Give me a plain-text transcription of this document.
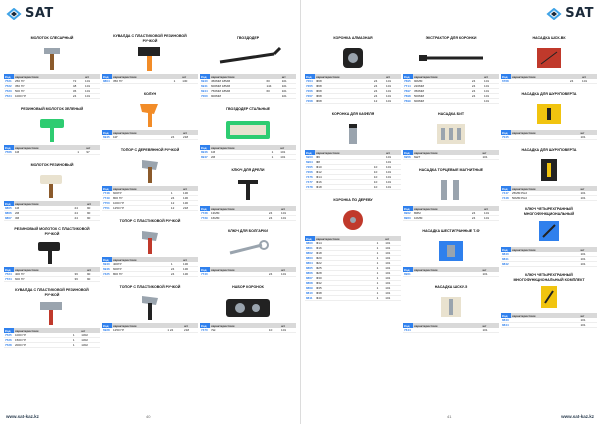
SAT
МОЛОТОК СЛЕСАРНЫЙ
Код	характеристики		шт
7521	250 ГР	72	101
7522	350 ГР	48	101
7523	500 ГР	36	101
7524	1000 ГР	24	101
РЕЗИНОВЫЙ МОЛОТОК ЗЕЛЕНЫЙ
Код	характеристики		шт
7566	1М	1	97
МОЛОТОК РЕЗИНОВЫЙ
Код	характеристики		шт
8805	1М	24	90
8806	2М	24	90
8807	3М	24	90
РЕЗИНОВЫЙ МОЛОТОК С ПЛАСТИКОВОЙ РУЧКОЙ
Код	характеристики		шт
7524	400 ГР	36	90
7724	600 ГР	36	90
КУВАЛДА С ПЛАСТИКОВОЙ РЕЗИНОВОЙ РУЧКОЙ
Код	характеристики		шт
7525	1000 ГР	1	1302
7526	1500 ГР	1	1302
7528	2000 ГР	1	1302
КУВАЛДА С ПЛАСТИКОВОЙ РЕЗИНОВОЙ РУЧКОЙ
Код	характеристики		шт
8804	350 ГР	1	130
КОЛУН
Код	характеристики		шт
6945	1КГ	24	218
ТОПОР С ДЕРЕВЯННОЙ РУЧКОЙ
Код	характеристики		шт
7748	600ГР	1	130
7749	800 ГР	24	130
7750	1000 ГР	12	130
7751	1250 ГР	12	218
ТОПОР С ПЛАСТИКОВОЙ РУЧКОЙ
Код	характеристики		шт
6940	400ГР	1	130
6946	600ГР	24	130
7425	800 ГР	24	130
ТОПОР С ПЛАСТИКОВОЙ РУЧКОЙ
Код	характеристики		шт
6928	1250 ГР	1 24	218
ГВОЗДОДЕР
Код	характеристики		шт
6940	450ММ 18ММ	60	101
6941	600ММ 18ММ	144	101
6944	750ММ 18ММ	60	101
7000	900ММ		101
ГВОЗДОДЕР СТАЛЬНЫЕ
Код	характеристики		шт
8946	1М	1	101
8947	2М	1	101
КЛЮЧ ДЛЯ ДРЕЛИ
Код	характеристики		шт
7738	13ММ	24	101
7739	16ММ	24	101
КЛЮЧ ДЛЯ БОЛГАРКИ
Код	характеристики		шт
7740		24	101
НАБОР КОРОНОК
Код	характеристики		шт
7470	7Ш	10	101
www.sat-kaz.kz	40
SAT
КОРОНКА АЛМАЗНАЯ
Код	характеристики		шт
7204	Ф68	24	101
7205	Ф68	24	101
7206	Ф68	24	101
7207	Ф68	24	101
7208	Ф68	12	101
КОРОНКА ДЛЯ КАФЕЛЯ
Код	характеристики		шт
6903	Ф6		101
6904	Ф8		101
7205	Ф10	10	101
7206	Ф12	10	101
7476	Ф14	10	101
7477	Ф16	10	101
7478	Ф18	10	101
КОРОНКА ПО ДЕРЕВУ
Код	характеристики		шт
8800	Ф14	1	101
8801	Ф16	1	101
8802	Ф18	1	101
8803	Ф20	1	101
8804	Ф22	1	101
8805	Ф25	1	101
8806	Ф28	1	101
8807	Ф30	1	101
8808	Ф32	1	101
8809	Ф35	1	101
8810	Ф38	1	101
8811	Ф40	1	101
ЭКСТРАКТОР ДЛЯ КОРОНКИ
Код	характеристики		шт
7695	90ММ	24	101
7714	220ММ	24	101
7697	350ММ	24	101
7698	500ММ	24	101
7699	600ММ		101
НАСАДКА БИТ
Код	характеристики		шт
6956	6ШТ		101
НАСАДКА ТОРЦЕВЫЕ МАГНИТНЫЕ
Код	характеристики		шт
8962	8ММ	24	101
8963	10ММ	24	101
НАСАДКА ШЕСТИГРАННЫЕ Т-Ф
Код	характеристики		шт
8961			101
НАСАДКА ШСКУ-5
Код	характеристики		шт
7644			101
НАСАДКА ШСК-ВК
Код	характеристики		шт
6768		24	101
НАСАДКА ДЛЯ ШУРУПОВЕРТА
Код	характеристики		шт
7045			101
НАСАДКА ДЛЯ ШУРУПОВЕРТА
Код	характеристики		шт
7447	25ММ PH2		101
7448	50ММ PH2		101
КЛЮЧ ЧЕТЫРЕХГРАННЫЙ МНОГОФУНКЦИОНАЛЬНЫЙ
Код	характеристики		шт
8840			101
8841			101
8842			101
КЛЮЧ ЧЕТЫРЕХГРАННЫЙ МНОГОФУНКЦИОНАЛЬНЫЙ КОМПЛЕКТ
Код	характеристики		шт
8843			101
8844			101
www.sat-kaz.kz
41
